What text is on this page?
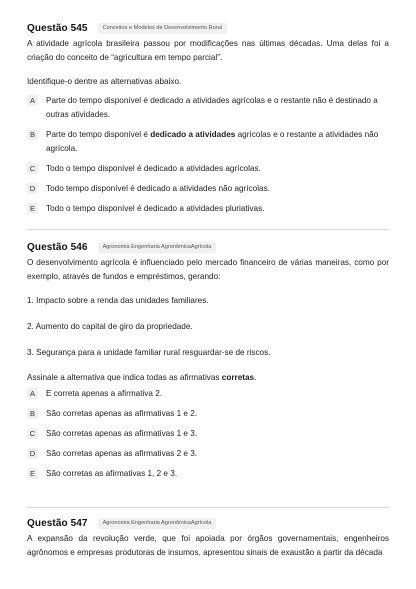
Questão 545	Conceitos e Modelos de Desenvolvimento Rural
A atividade agrícola brasileira passou por modificações nas últimas décadas. Uma delas foi a criação do conceito de “agricultura em tempo parcial”.
Identifique-o dentre as alternativas abaixo.
A	Parte do tempo disponível é dedicado a atividades agrícolas e o restante não é destinado a outras atividades.
B	Parte do tempo disponível é dedicado a atividades agrícolas e o restante a atividades não agrícola.
C	Todo o tempo disponível é dedicado a atividades agrícolas.
D	Todo tempo disponível é dedicado a atividades não agrícolas.
E	Todo o tempo disponível é dedicado a atividades pluriativas.
Questão 546	Agronomia Engenharia AgronômicaAgrícola
O desenvolvimento agrícola é influenciado pelo mercado financeiro de várias maneiras, como por exemplo, através de fundos e empréstimos, gerando:
1. Impacto sobre a renda das unidades familiares.
2. Aumento do capital de giro da propriedade.
3. Segurança para a unidade familiar rural resguardar-se de riscos.
Assinale a alternativa que indica todas as afirmativas corretas.
A	E correta apenas a afirmativa 2.
B	São corretas apenas as afirmativas 1 e 2.
C	São corretas apenas as afirmativas 1 e 3.
D	São corretas apenas as afirmativas 2 e 3.
E	São corretas as afirmativas 1, 2 e 3.
Questão 547	Agronomia Engenharia AgronômicaAgrícola
A expansão da revolução verde, que foi apoiada por órgãos governamentais, engenheiros agrônomos e empresas produtoras de insumos, apresentou sinais de exaustão a partir da década
